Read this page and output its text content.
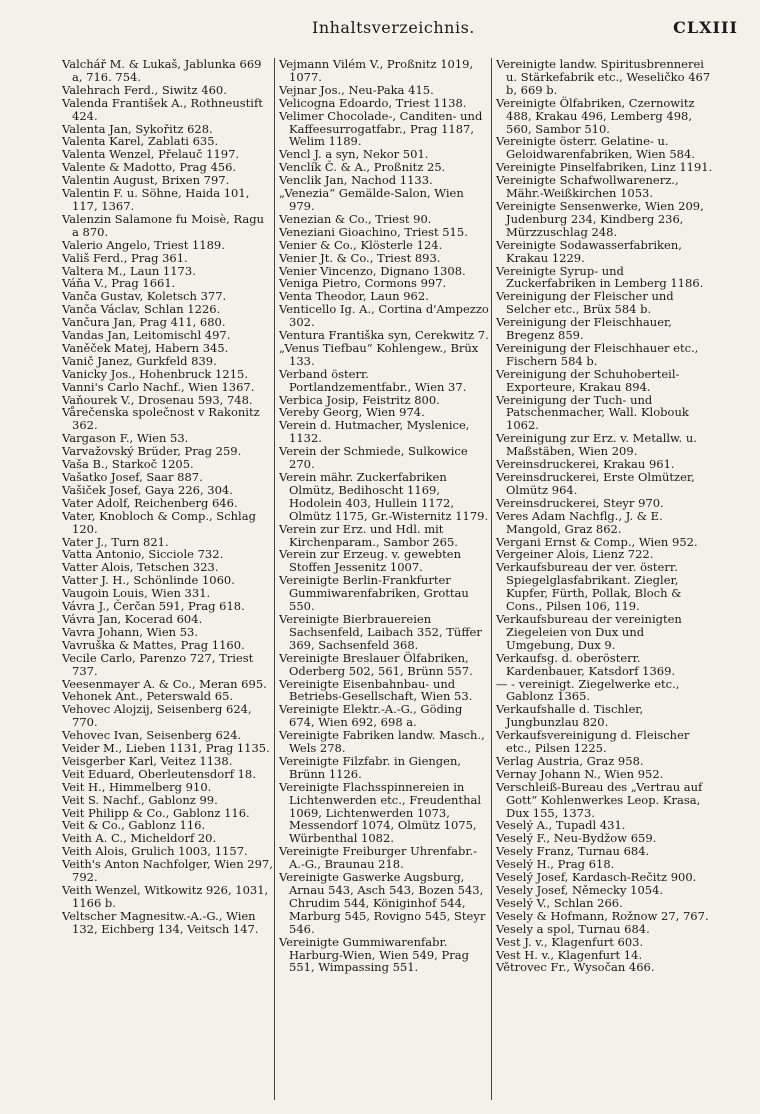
Inhaltsverzeichnis.	CLXIII
Valchář M. & Lukaš, Jablunka 669 a, 716. 754.
Valehrach Ferd., Siwitz 460.
Valenda František A., Rothneustift 424.
Valenta Jan, Sykořitz 628.
Valenta Karel, Zablati 635.
Valenta Wenzel, Přelauč 1197.
Valente & Madotto, Prag 456.
Valentin August, Brixen 797.
Valentin F. u. Söhne, Haida 101, 117, 1367.
Valenzin Salamone fu Moisè, Ragu a 870.
Valerio Angelo, Triest 1189.
Vališ Ferd., Prag 361.
Valtera M., Laun 1173.
Váňa V., Prag 1661.
Vanča Gustav, Koletsch 377.
Vanča Václav, Schlan 1226.
Vančura Jan, Prag 411, 680.
Vandas Jan, Leitomischl 497.
Vaněček Matej, Habern 345.
Vanič Janez, Gurkfeld 839.
Vanicky Jos., Hohenbruck 1215.
Vanni's Carlo Nachf., Wien 1367.
Vaňourek V., Drosenau 593, 748.
Vårečenska společnost v Rakonitz 362.
Vargason F., Wien 53.
Varvažovský Brüder, Prag 259.
Vaša B., Starkoč 1205.
Vašatko Josef, Saar 887.
Vašiček Josef, Gaya 226, 304.
Vater Adolf, Reichenberg 646.
Vater, Knobloch & Comp., Schlag 120.
Vater J., Turn 821.
Vatta Antonio, Sicciole 732.
Vatter Alois, Tetschen 323.
Vatter J. H., Schönlinde 1060.
Vaugoin Louis, Wien 331.
Vávra J., Čerčan 591, Prag 618.
Vávra Jan, Kocerad 604.
Vavra Johann, Wien 53.
Vavruška & Mattes, Prag 1160.
Vecile Carlo, Parenzo 727, Triest 737.
Veesenmayer A. & Co., Meran 695.
Vehonek Ant., Peterswald 65.
Vehovec Alojzij, Seisenberg 624, 770.
Vehovec Ivan, Seisenberg 624.
Veider M., Lieben 1131, Prag 1135.
Veisgerber Karl, Veitez 1138.
Veit Eduard, Oberleutensdorf 18.
Veit H., Himmelberg 910.
Veit S. Nachf., Gablonz 99.
Veit Philipp & Co., Gablonz 116.
Veit & Co., Gablonz 116.
Veith A. C., Micheldorf 20.
Veith Alois, Grulich 1003, 1157.
Veith's Anton Nachfolger, Wien 297, 792.
Veith Wenzel, Witkowitz 926, 1031, 1166 b.
Veltscher Magnesitw.-A.-G., Wien 132, Eichberg 134, Veitsch 147.
Vejmann Vilém V., Proßnitz 1019, 1077.
Vejnar Jos., Neu-Paka 415.
Velicogna Edoardo, Triest 1138.
Velimer Chocolade-, Canditen- und Kaffeesurrogatfabr., Prag 1187, Welim 1189.
Vencl J. a syn, Nekor 501.
Venclík Č. & A., Proßnitz 25.
Venclik Jan, Nachod 1133.
„Venezia“ Gemälde-Salon, Wien 979.
Venezian & Co., Triest 90.
Veneziani Gioachino, Triest 515.
Venier & Co., Klösterle 124.
Venier Jt. & Co., Triest 893.
Venier Vincenzo, Dignano 1308.
Veniga Pietro, Cormons 997.
Venta Theodor, Laun 962.
Venticello Ig. A., Cortina d'Ampezzo 302.
Ventura Františka syn, Cerekwitz 7.
„Venus Tiefbau“ Kohlengew., Brüx 133.
Verband österr. Portlandzementfabr., Wien 37.
Verbica Josip, Feistritz 800.
Vereby Georg, Wien 974.
Verein d. Hutmacher, Myslenice, 1132.
Verein der Schmiede, Sulkowice 270.
Verein mähr. Zuckerfabriken Olmütz, Bedihoscht 1169, Hodolein 403, Hullein 1172, Olmütz 1175, Gr.-Wisternitz 1179.
Verein zur Erz. und Hdl. mit Kirchenparam., Sambor 265.
Verein zur Erzeug. v. gewebten Stoffen Jessenitz 1007.
Vereinigte Berlin-Frankfurter Gummiwarenfabriken, Grottau 550.
Vereinigte Bierbrauereien Sachsenfeld, Laibach 352, Tüffer 369, Sachsenfeld 368.
Vereinigte Breslauer Ölfabriken, Oderberg 502, 561, Brünn 557.
Vereinigte Eisenbahnbau- und Betriebs-Gesellschaft, Wien 53.
Vereinigte Elektr.-A.-G., Göding 674, Wien 692, 698 a.
Vereinigte Fabriken landw. Masch., Wels 278.
Vereinigte Filzfabr. in Giengen, Brünn 1126.
Vereinigte Flachsspinnereien in Lichtenwerden etc., Freudenthal 1069, Lichtenwerden 1073, Messendorf 1074, Olmütz 1075, Würbenthal 1082.
Vereinigte Freiburger Uhrenfabr.-A.-G., Braunau 218.
Vereinigte Gaswerke Augsburg, Arnau 543, Asch 543, Bozen 543, Chrudim 544, Königinhof 544, Marburg 545, Rovigno 545, Steyr 546.
Vereinigte Gummiwarenfabr. Harburg-Wien, Wien 549, Prag 551, Wimpassing 551.
Vereinigte landw. Spiritusbrennerei u. Stärkefabrik etc., Weseličko 467 b, 669 b.
Vereinigte Ölfabriken, Czernowitz 488, Krakau 496, Lemberg 498, 560, Sambor 510.
Vereinigte österr. Gelatine- u. Geloidwarenfabriken, Wien 584.
Vereinigte Pinselfabriken, Linz 1191.
Vereinigte Schafwollwarenerz., Mähr.-Weißkirchen 1053.
Vereinigte Sensenwerke, Wien 209, Judenburg 234, Kindberg 236, Mürzzuschlag 248.
Vereinigte Sodawasserfabriken, Krakau 1229.
Vereinigte Syrup- und Zuckerfabriken in Lemberg 1186.
Vereinigung der Fleischer und Selcher etc., Brüx 584 b.
Vereinigung der Fleischhauer, Bregenz 859.
Vereinigung der Fleischhauer etc., Fischern 584 b.
Vereinigung der Schuhoberteil-Exporteure, Krakau 894.
Vereinigung der Tuch- und Patschenmacher, Wall. Klobouk 1062.
Vereinigung zur Erz. v. Metallw. u. Maßstäben, Wien 209.
Vereinsdruckerei, Krakau 961.
Vereinsdruckerei, Erste Olmützer, Olmütz 964.
Vereinsdruckerei, Steyr 970.
Veres Adam Nachflg., J. & E. Mangold, Graz 862.
Vergani Ernst & Comp., Wien 952.
Vergeiner Alois, Lienz 722.
Verkaufsbureau der ver. österr. Spiegelglasfabrikant. Ziegler, Kupfer, Fürth, Pollak, Bloch & Cons., Pilsen 106, 119.
Verkaufsbureau der vereinigten Ziegeleien von Dux und Umgebung, Dux 9.
Verkaufsg. d. oberösterr. Kardenbauer, Katsdorf 1369.
— - vereinigt. Ziegelwerke etc., Gablonz 1365.
Verkaufshalle d. Tischler, Jungbunzlau 820.
Verkaufsvereinigung d. Fleischer etc., Pilsen 1225.
Verlag Austria, Graz 958.
Vernay Johann N., Wien 952.
Verschleiß-Bureau des „Vertrau auf Gott“ Kohlenwerkes Leop. Krasa, Dux 155, 1373.
Veselý A., Tupadl 431.
Veselý F., Neu-Bydžow 659.
Vesely Franz, Turnau 684.
Veselý H., Prag 618.
Veselý Josef, Kardasch-Rečitz 900.
Vesely Josef, Německy 1054.
Veselý V., Schlan 266.
Vesely & Hofmann, Rožnow 27, 767.
Vesely a spol, Turnau 684.
Vest J. v., Klagenfurt 603.
Vest H. v., Klagenfurt 14.
Větrovec Fr., Wysočan 466.
